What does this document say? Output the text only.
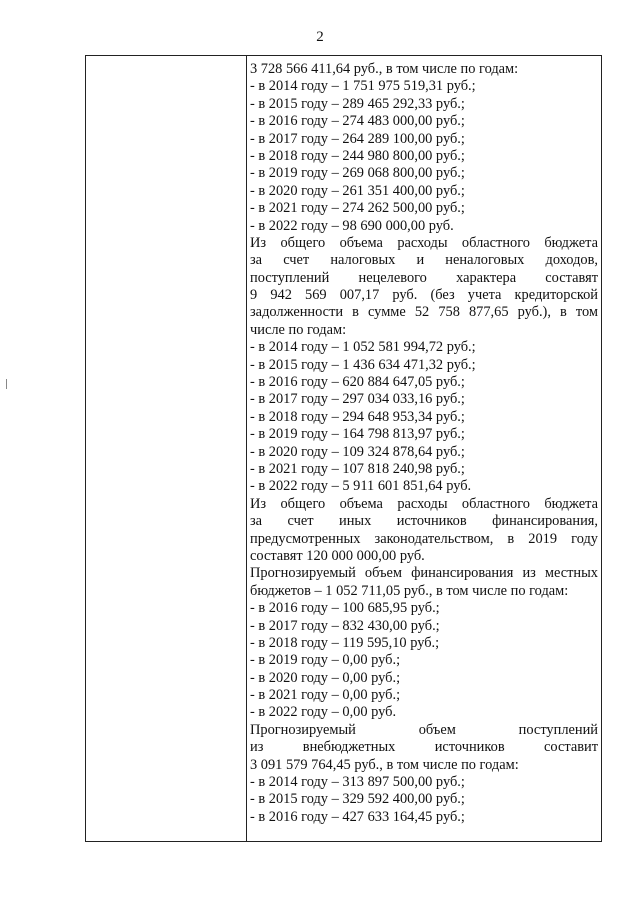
2
3 728 566 411,64 руб., в том числе по годам:
- в 2014 году – 1 751 975 519,31 руб.;
- в 2015 году – 289 465 292,33 руб.;
- в 2016 году – 274 483 000,00 руб.;
- в 2017 году – 264 289 100,00 руб.;
- в 2018 году – 244 980 800,00 руб.;
- в 2019 году – 269 068 800,00 руб.;
- в 2020 году – 261 351 400,00 руб.;
- в 2021 году – 274 262 500,00 руб.;
- в 2022 году – 98 690 000,00 руб.
Из общего объема расходы областного бюджета
за счет налоговых и неналоговых доходов,
поступлений нецелевого характера составят
9 942 569 007,17 руб. (без учета кредиторской
задолженности в сумме 52 758 877,65 руб.), в том
числе по годам:
- в 2014 году – 1 052 581 994,72 руб.;
- в 2015 году – 1 436 634 471,32 руб.;
- в 2016 году – 620 884 647,05 руб.;
- в 2017 году – 297 034 033,16 руб.;
- в 2018 году – 294 648 953,34 руб.;
- в 2019 году – 164 798 813,97 руб.;
- в 2020 году – 109 324 878,64 руб.;
- в 2021 году – 107 818 240,98 руб.;
- в 2022 году – 5 911 601 851,64 руб.
Из общего объема расходы областного бюджета
за счет иных источников финансирования,
предусмотренных законодательством, в 2019 году
составят 120 000 000,00 руб.
Прогнозируемый объем финансирования из местных
бюджетов – 1 052 711,05 руб., в том числе по годам:
- в 2016 году – 100 685,95 руб.;
- в 2017 году – 832 430,00 руб.;
- в 2018 году – 119 595,10 руб.;
- в 2019 году – 0,00 руб.;
- в 2020 году – 0,00 руб.;
- в 2021 году – 0,00 руб.;
- в 2022 году – 0,00 руб.
Прогнозируемый объем поступлений
из внебюджетных источников составит
3 091 579 764,45 руб., в том числе по годам:
- в 2014 году – 313 897 500,00 руб.;
- в 2015 году – 329 592 400,00 руб.;
- в 2016 году – 427 633 164,45 руб.;
